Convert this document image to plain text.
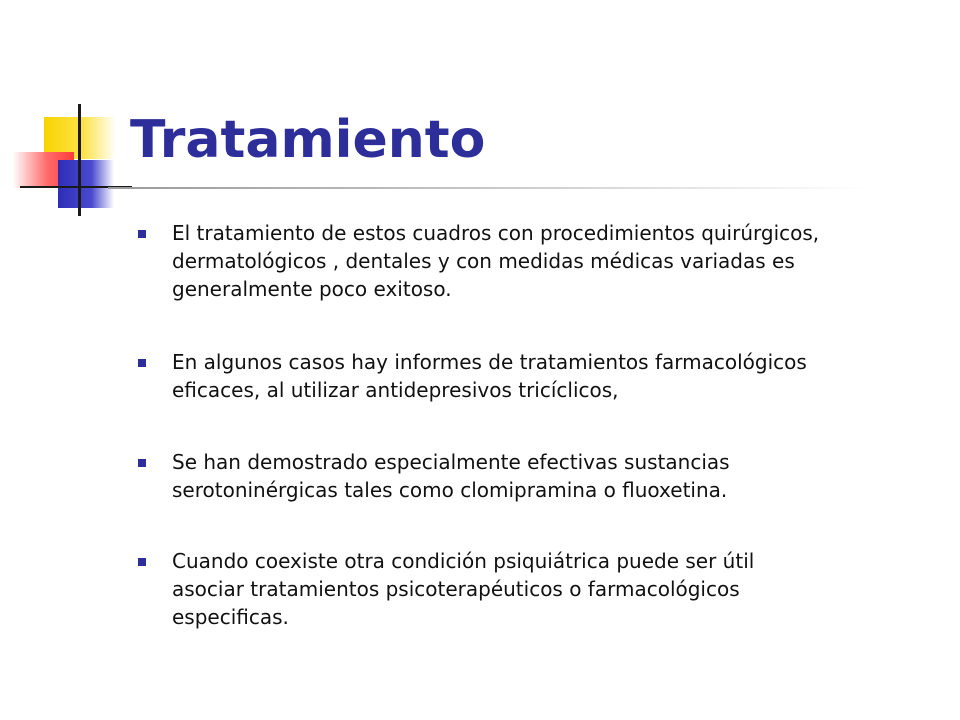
Tratamiento
El tratamiento de estos cuadros con procedimientos quirúrgicos,
dermatológicos , dentales y con medidas médicas variadas es
generalmente poco exitoso.
En algunos casos hay informes de tratamientos farmacológicos
eficaces, al utilizar antidepresivos tricíclicos,
Se han demostrado especialmente efectivas sustancias
serotoninérgicas tales como clomipramina o fluoxetina.
Cuando coexiste otra condición psiquiátrica puede ser útil
asociar tratamientos psicoterapéuticos o farmacológicos
especificas.
